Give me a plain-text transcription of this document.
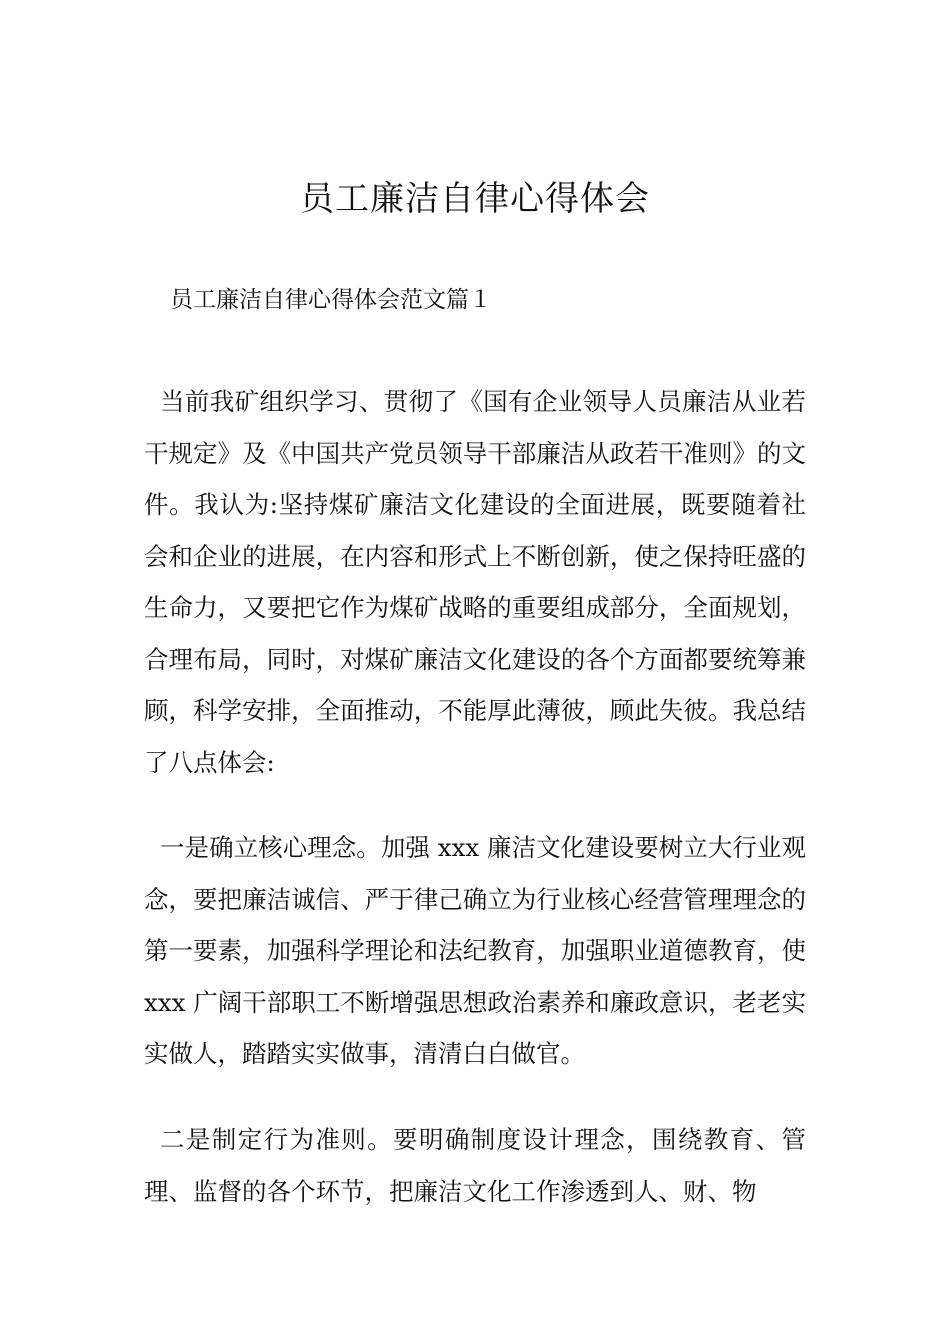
员工廉洁自律心得体会

员工廉洁自律心得体会范文篇１

当前我矿组织学习、贯彻了《国有企业领导人员廉洁从业若干规定》及《中国共产党员领导干部廉洁从政若干准则》的文件。我认为:坚持煤矿廉洁文化建设的全面进展，既要随着社会和企业的进展，在内容和形式上不断创新，使之保持旺盛的生命力，又要把它作为煤矿战略的重要组成部分，全面规划，合理布局，同时，对煤矿廉洁文化建设的各个方面都要统筹兼顾，科学安排，全面推动，不能厚此薄彼，顾此失彼。我总结了八点体会:

一是确立核心理念。加强 xxx 廉洁文化建设要树立大行业观念，要把廉洁诚信、严于律己确立为行业核心经营管理理念的第一要素，加强科学理论和法纪教育，加强职业道德教育，使 xxx 广阔干部职工不断增强思想政治素养和廉政意识，老老实实做人，踏踏实实做事，清清白白做官。

二是制定行为准则。要明确制度设计理念，围绕教育、管理、监督的各个环节，把廉洁文化工作渗透到人、财、物
